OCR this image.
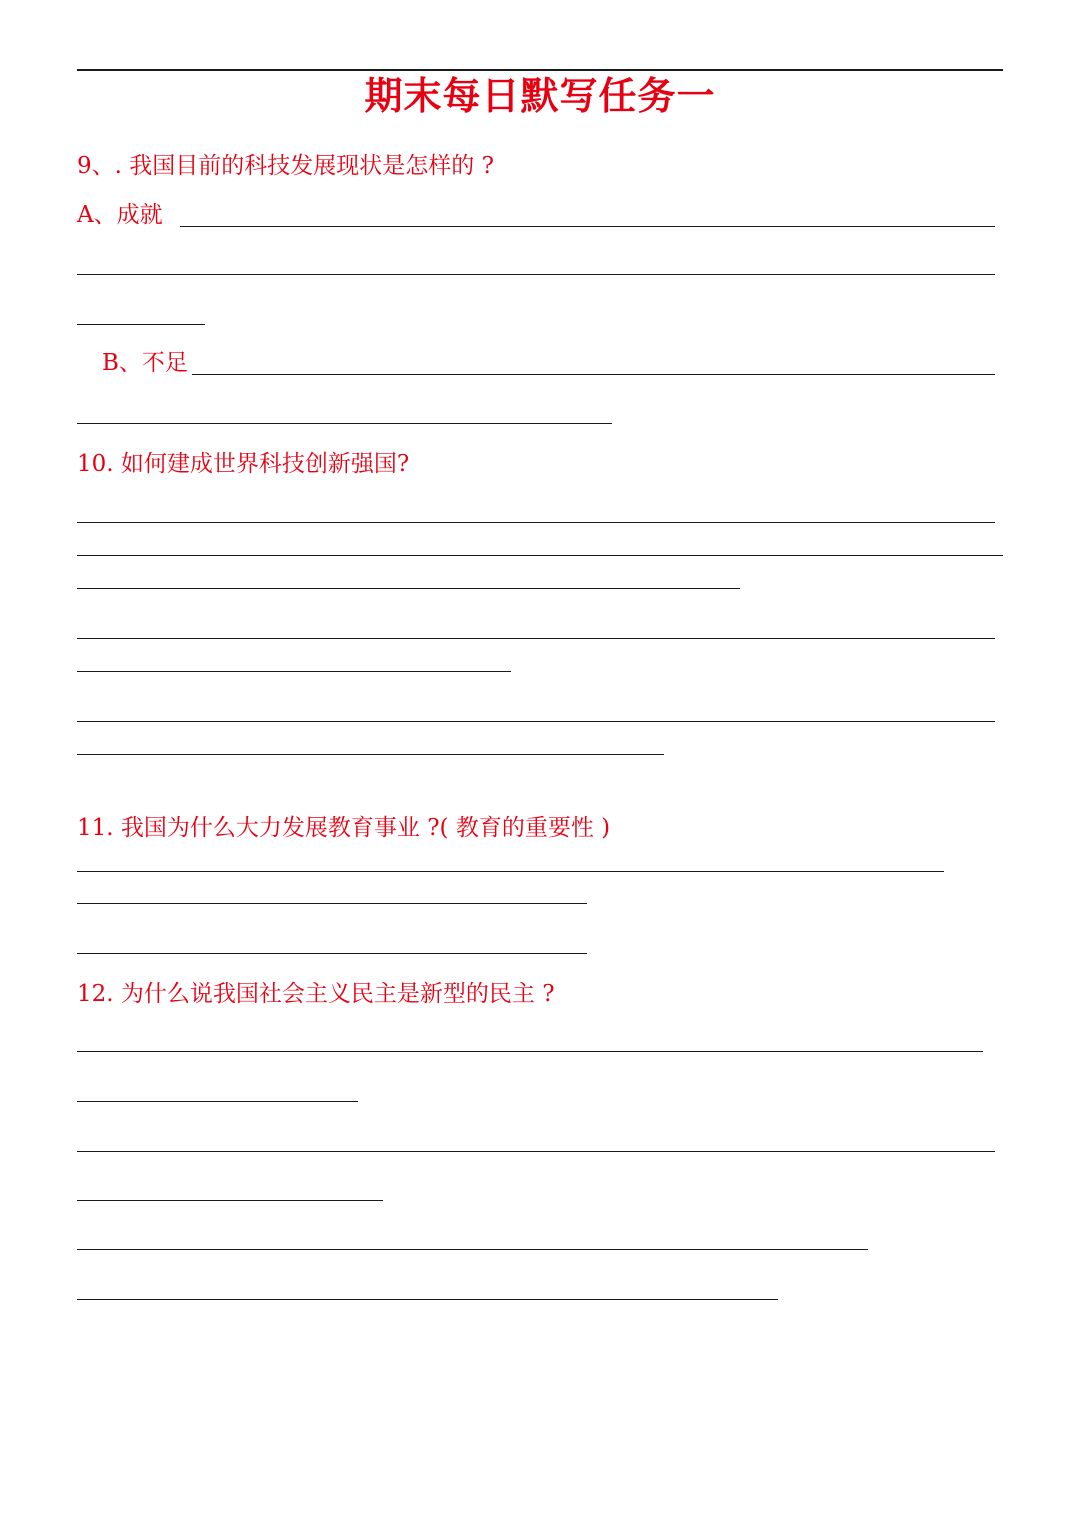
期末每日默写任务一
9、. 我国目前的科技发展现状是怎样的 ?
A、成就
B、不足
10. 如何建成世界科技创新强国?
11. 我国为什么大力发展教育事业 ?( 教育的重要性 )
12. 为什么说我国社会主义民主是新型的民主 ?
